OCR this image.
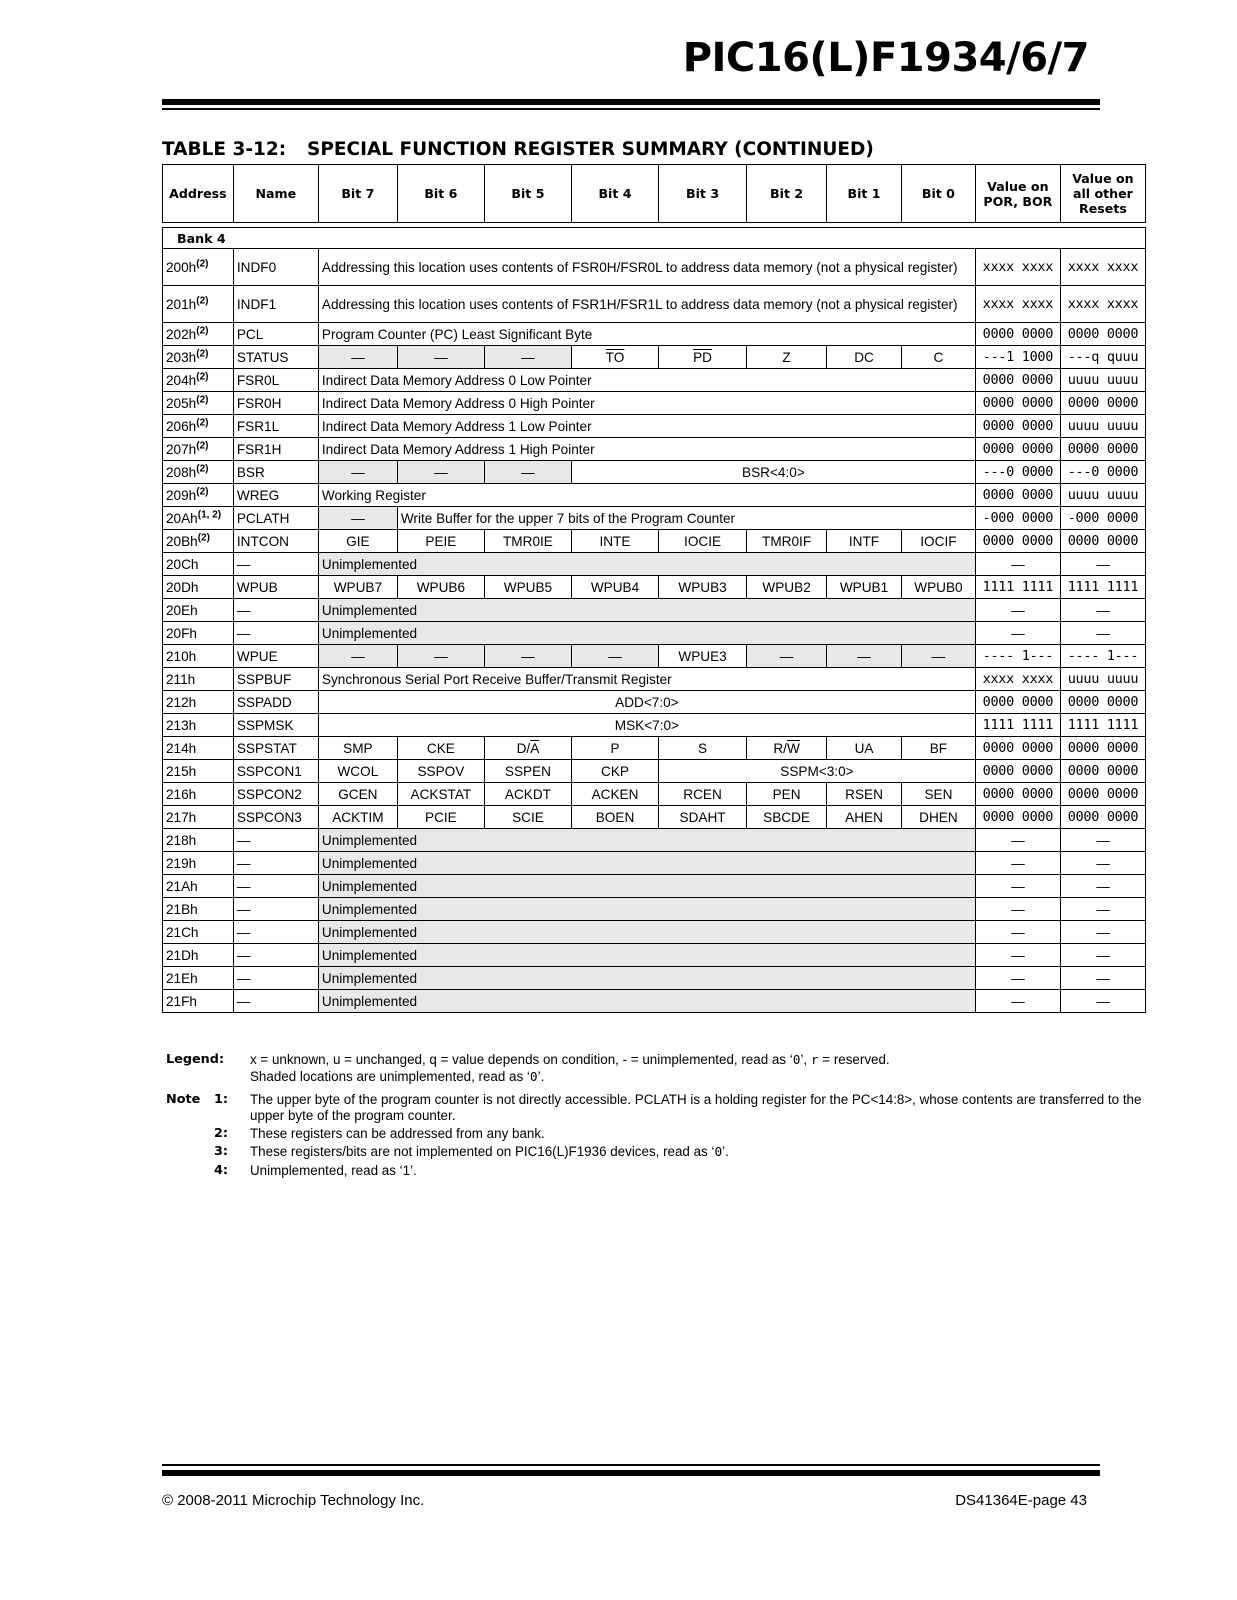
PIC16(L)F1934/6/7
TABLE 3-12: SPECIAL FUNCTION REGISTER SUMMARY (CONTINUED)
Address	Name	Bit 7	Bit 6	Bit 5	Bit 4	Bit 3	Bit 2	Bit 1	Bit 0	Value on POR, BOR	Value on all other Resets

Bank 4											
$200h^{(2)}$	INDF0	Addressing this location uses contents of FSR0H/FSR0L to address data memory (not a physical register)								xxxx xxxx	xxxx xxxx
$201h^{(2)}$	INDF1	Addressing this location uses contents of FSR1H/FSR1L to address data memory (not a physical register)								xxxx xxxx	xxxx xxxx
$202h^{(2)}$	PCL	Program Counter (PC) Least Significant Byte								0000 0000	0000 0000
$203h^{(2)}$	STATUS	—	—	—	$\overline{TO}$	$\overline{PD}$	Z	DC	C	---1 1000	---q quuu
$204h^{(2)}$	FSR0L	Indirect Data Memory Address 0 Low Pointer								0000 0000	uuuu uuuu
$205h^{(2)}$	FSR0H	Indirect Data Memory Address 0 High Pointer								0000 0000	0000 0000
$206h^{(2)}$	FSR1L	Indirect Data Memory Address 1 Low Pointer								0000 0000	uuuu uuuu
$207h^{(2)}$	FSR1H	Indirect Data Memory Address 1 High Pointer								0000 0000	0000 0000
$208h^{(2)}$	BSR	—	—	—	BSR<4:0>					---0 0000	---0 0000
$209h^{(2)}$	WREG	Working Register								0000 0000	uuuu uuuu
20Ah$^{(1, 2)}$	PCLATH	—	Write Buffer for the upper 7 bits of the Program Counter							-000 0000	-000 0000
20Bh$^{(2)}$	INTCON	GIE	PEIE	TMR0IE	INTE	IOCIE	TMR0IF	INTF	IOCIF	0000 0000	0000 0000
20Ch	—	Unimplemented								—	—
20Dh	WPUB	WPUB7	WPUB6	WPUB5	WPUB4	WPUB3	WPUB2	WPUB1	WPUB0	1111 1111	1111 1111
20Eh	—	Unimplemented								—	—
20Fh	—	Unimplemented								—	—
210h	WPUE	—	—	—	—	WPUE3	—	—	—	---- 1---	---- 1---
211h	SSPBUF	Synchronous Serial Port Receive Buffer/Transmit Register								xxxx xxxx	uuuu uuuu
212h	SSPADD	ADD<7:0>								0000 0000	0000 0000
213h	SSPMSK	MSK<7:0>								1111 1111	1111 1111
214h	SSPSTAT	SMP	CKE	$D/\overline{A}$	P	S	$R/\overline{W}$	UA	BF	0000 0000	0000 0000
215h	SSPCON1	WCOL	SSPOV	SSPEN	CKP	SSPM<3:0>				0000 0000	0000 0000
216h	SSPCON2	GCEN	ACKSTAT	ACKDT	ACKEN	RCEN	PEN	RSEN	SEN	0000 0000	0000 0000
217h	SSPCON3	ACKTIM	PCIE	SCIE	BOEN	SDAHT	SBCDE	AHEN	DHEN	0000 0000	0000 0000
218h	—	Unimplemented								—	—
219h	—	Unimplemented								—	—
21Ah	—	Unimplemented								—	—
21Bh	—	Unimplemented								—	—
21Ch	—	Unimplemented								—	—
21Dh	—	Unimplemented								—	—
21Eh	—	Unimplemented								—	—
21Fh	—	Unimplemented								—	—
Legend: x = unknown, u = unchanged, q = value depends on condition, - = unimplemented, read as ‘0’, r = reserved.
Shaded locations are unimplemented, read as ‘0’.
Note	1: The upper byte of the program counter is not directly accessible. PCLATH is a holding register for the PC<14:8>, whose contents are transferred to the upper byte of the program counter.
2: These registers can be addressed from any bank.
3: These registers/bits are not implemented on PIC16(L)F1936 devices, read as ‘0’.
4: Unimplemented, read as ‘1’.
© 2008-2011 Microchip Technology Inc.	DS41364E-page 43
